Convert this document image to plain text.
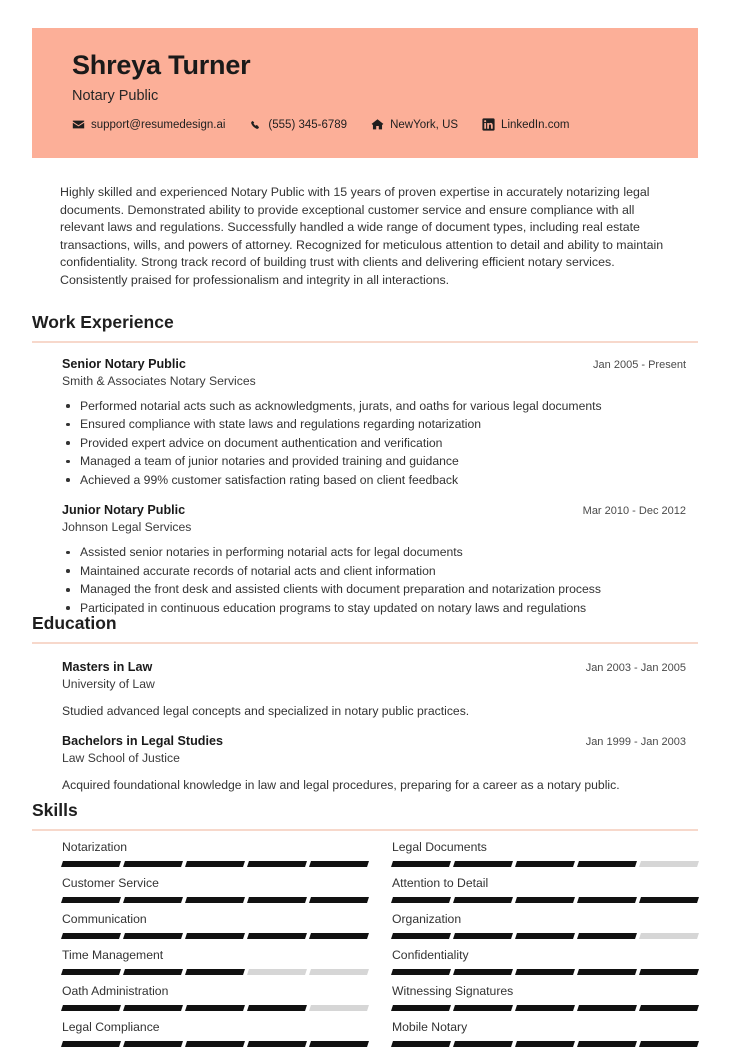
Shreya Turner
Notary Public
support@resumedesign.ai	(555) 345-6789	NewYork, US	LinkedIn.com
Highly skilled and experienced Notary Public with 15 years of proven expertise in accurately notarizing legal documents. Demonstrated ability to provide exceptional customer service and ensure compliance with all relevant laws and regulations. Successfully handled a wide range of document types, including real estate transactions, wills, and powers of attorney. Recognized for meticulous attention to detail and ability to maintain confidentiality. Strong track record of building trust with clients and delivering efficient notary services. Consistently praised for professionalism and integrity in all interactions.
Work Experience
Senior Notary Public	Jan 2005 - Present
Smith & Associates Notary Services
Performed notarial acts such as acknowledgments, jurats, and oaths for various legal documents
Ensured compliance with state laws and regulations regarding notarization
Provided expert advice on document authentication and verification
Managed a team of junior notaries and provided training and guidance
Achieved a 99% customer satisfaction rating based on client feedback
Junior Notary Public	Mar 2010 - Dec 2012
Johnson Legal Services
Assisted senior notaries in performing notarial acts for legal documents
Maintained accurate records of notarial acts and client information
Managed the front desk and assisted clients with document preparation and notarization process
Participated in continuous education programs to stay updated on notary laws and regulations
Education
Masters in Law	Jan 2003 - Jan 2005
University of Law
Studied advanced legal concepts and specialized in notary public practices.
Bachelors in Legal Studies	Jan 1999 - Jan 2003
Law School of Justice
Acquired foundational knowledge in law and legal procedures, preparing for a career as a notary public.
Skills
Notarization	Legal Documents
Customer Service	Attention to Detail
Communication	Organization
Time Management	Confidentiality
Oath Administration	Witnessing Signatures
Legal Compliance	Mobile Notary
